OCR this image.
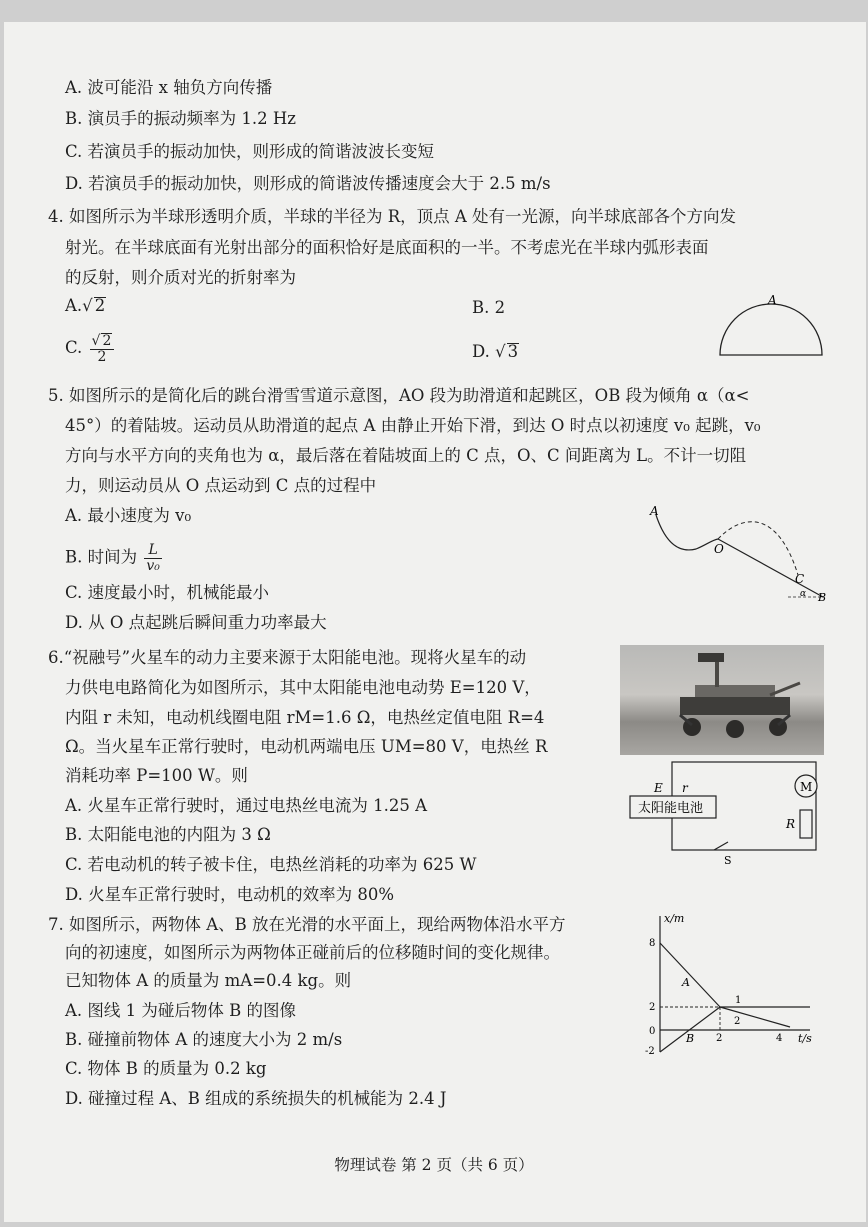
A. 波可能沿 x 轴负方向传播
B. 演员手的振动频率为 1.2 Hz
C. 若演员手的振动加快，则形成的简谐波波长变短
D. 若演员手的振动加快，则形成的简谐波传播速度会大于 2.5 m/s
4. 如图所示为半球形透明介质，半球的半径为 R，顶点 A 处有一光源，向半球底部各个方向发
射光。在半球底面有光射出部分的面积恰好是底面积的一半。不考虑光在半球内弧形表面
的反射，则介质对光的折射率为
A.√ 2	B. 2
C. $\frac{√ 2}{2}$	D. √ 3
A
5. 如图所示的是简化后的跳台滑雪雪道示意图，AO 段为助滑道和起跳区，OB 段为倾角 α（α<
45°）的着陆坡。运动员从助滑道的起点 A 由静止开始下滑，到达 O 时点以初速度 v₀ 起跳，v₀
方向与水平方向的夹角也为 α，最后落在着陆坡面上的 C 点，O、C 间距离为 L。不计一切阻
力，则运动员从 O 点运动到 C 点的过程中
A. 最小速度为 v₀
B. 时间为 $\frac{L}{\text{v₀}}$
C. 速度最小时，机械能最小
D. 从 O 点起跳后瞬间重力功率最大
A
O
C
B
α
6.“祝融号”火星车的动力主要来源于太阳能电池。现将火星车的动
力供电电路简化为如图所示，其中太阳能电池电动势 E=120 V，
内阻 r 未知，电动机线圈电阻 rM=1.6 Ω，电热丝定值电阻 R=4
Ω。当火星车正常行驶时，电动机两端电压 UM=80 V，电热丝 R
消耗功率 P=100 W。则
A. 火星车正常行驶时，通过电热丝电流为 1.25 A
B. 太阳能电池的内阻为 3 Ω
C. 若电动机的转子被卡住，电热丝消耗的功率为 625 W
D. 火星车正常行驶时，电动机的效率为 80%
太阳能电池
E r	M
R
S
7. 如图所示，两物体 A、B 放在光滑的水平面上，现给两物体沿水平方
向的初速度，如图所示为两物体正碰前后的位移随时间的变化规律。
已知物体 A 的质量为 mA=0.4 kg。则
A. 图线 1 为碰后物体 B 的图像
B. 碰撞前物体 A 的速度大小为 2 m/s
C. 物体 B 的质量为 0.2 kg
D. 碰撞过程 A、B 组成的系统损失的机械能为 2.4 J
x/m
t/s
8
2
0
-2
2	4
A
B
1
2
物理试卷 第 2 页（共 6 页）
